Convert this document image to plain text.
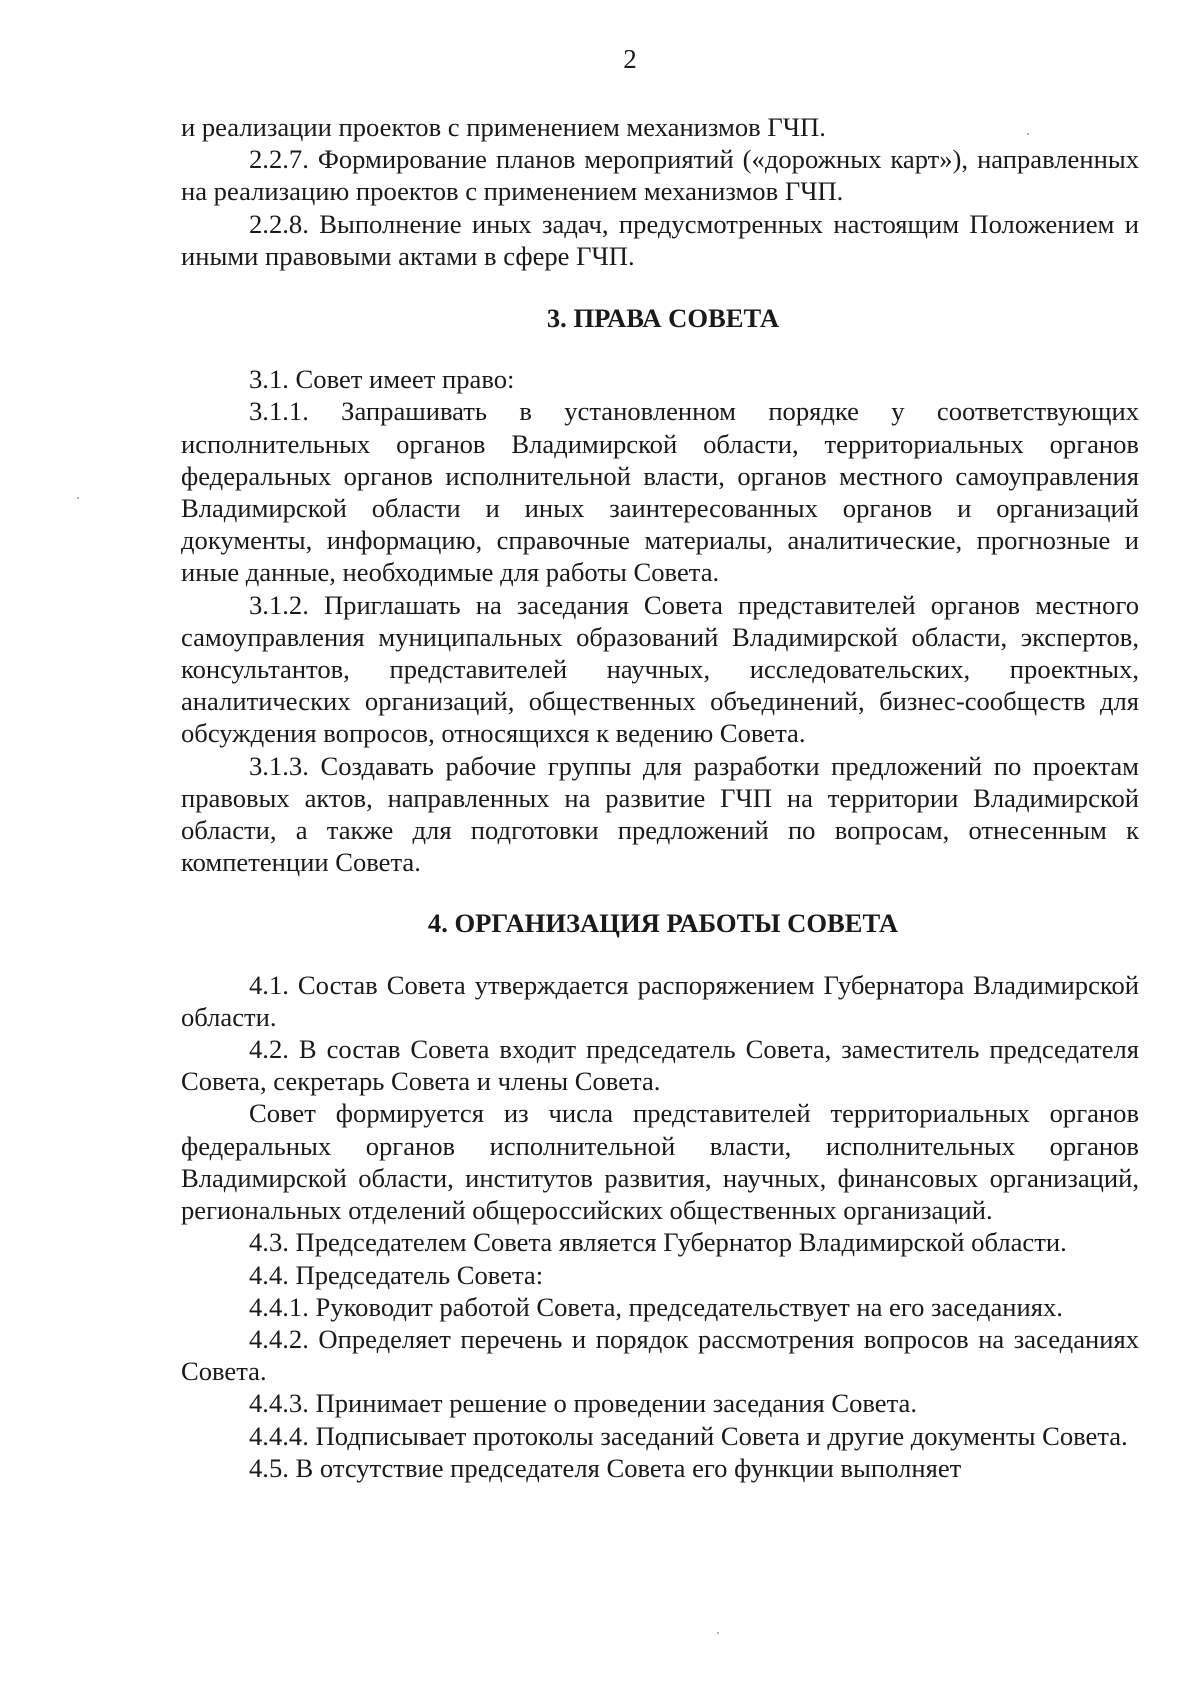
2

и реализации проектов с применением механизмов ГЧП.

2.2.7. Формирование планов мероприятий («дорожных карт»), направленных на реализацию проектов с применением механизмов ГЧП.

2.2.8. Выполнение иных задач, предусмотренных настоящим Положением и иными правовыми актами в сфере ГЧП.

3. ПРАВА СОВЕТА

3.1. Совет имеет право:

3.1.1. Запрашивать в установленном порядке у соответствующих исполнительных органов Владимирской области, территориальных органов федеральных органов исполнительной власти, органов местного самоуправления Владимирской области и иных заинтересованных органов и организаций документы, информацию, справочные материалы, аналитические, прогнозные и иные данные, необходимые для работы Совета.

3.1.2. Приглашать на заседания Совета представителей органов местного самоуправления муниципальных образований Владимирской области, экспертов, консультантов, представителей научных, исследовательских, проектных, аналитических организаций, общественных объединений, бизнес-сообществ для обсуждения вопросов, относящихся к ведению Совета.

3.1.3. Создавать рабочие группы для разработки предложений по проектам правовых актов, направленных на развитие ГЧП на территории Владимирской области, а также для подготовки предложений по вопросам, отнесенным к компетенции Совета.

4. ОРГАНИЗАЦИЯ РАБОТЫ СОВЕТА

4.1. Состав Совета утверждается распоряжением Губернатора Владимирской области.

4.2. В состав Совета входит председатель Совета, заместитель председателя Совета, секретарь Совета и члены Совета.

Совет формируется из числа представителей территориальных органов федеральных органов исполнительной власти, исполнительных органов Владимирской области, институтов развития, научных, финансовых организаций, региональных отделений общероссийских общественных организаций.

4.3. Председателем Совета является Губернатор Владимирской области.

4.4. Председатель Совета:

4.4.1. Руководит работой Совета, председательствует на его заседаниях.

4.4.2. Определяет перечень и порядок рассмотрения вопросов на заседаниях Совета.

4.4.3. Принимает решение о проведении заседания Совета.

4.4.4. Подписывает протоколы заседаний Совета и другие документы Совета.

4.5. В отсутствие председателя Совета его функции выполняет
